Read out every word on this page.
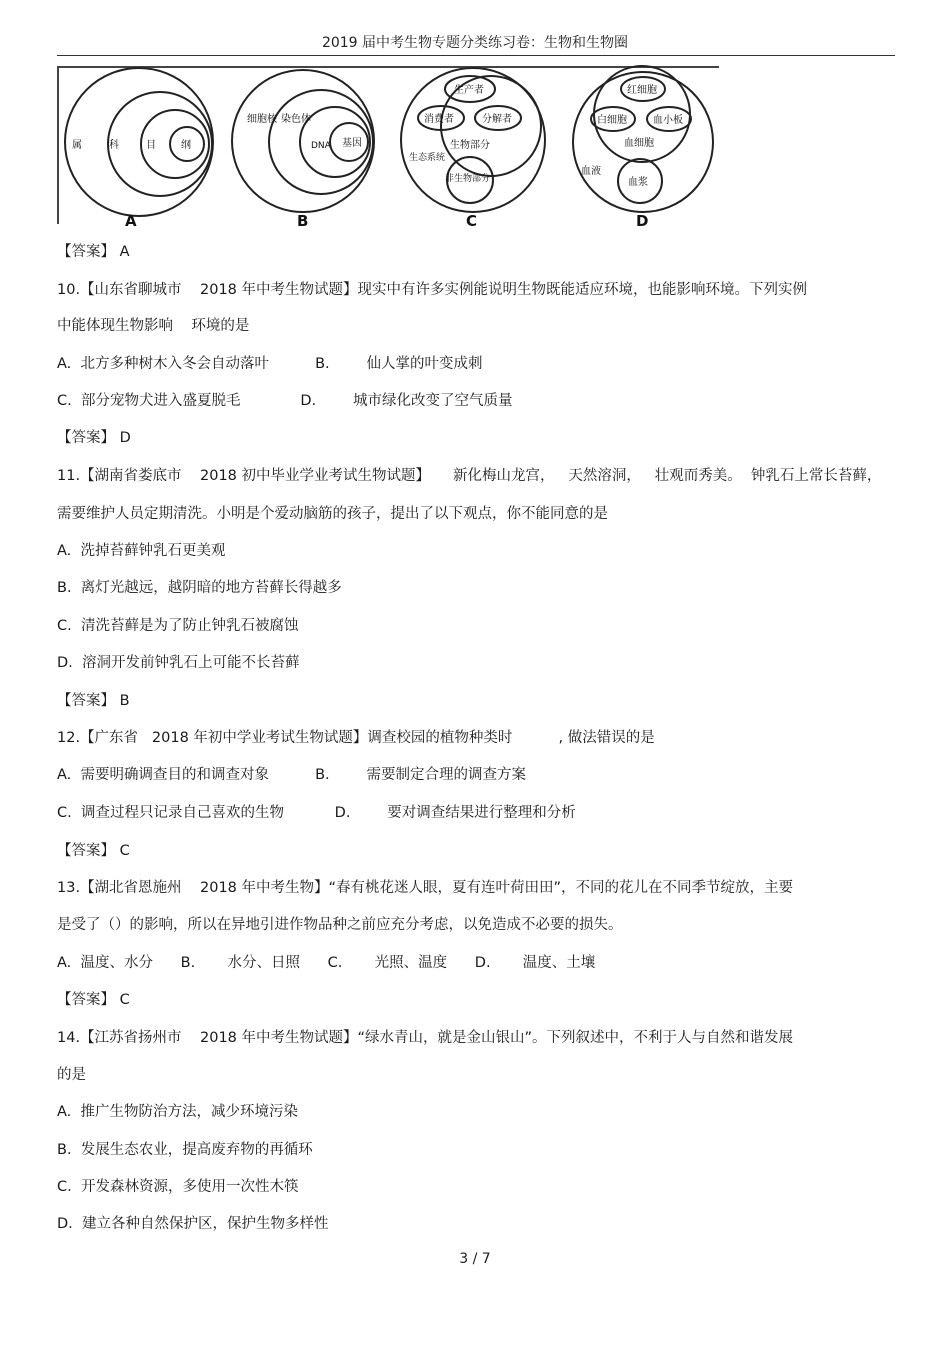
2019 届中考生物专题分类练习卷：生物和生物圈
属	科	目	纲
A
细胞核 染色体
DNA 基因
B
生产者
消费者	分解者
生物部分
非生物部分
生态系统
C
红细胞
白细胞	血小板
血细胞
血液
血浆
D
【答案】 A
10.【山东省聊城市    2018 年中考生物试题】现实中有许多实例能说明生物既能适应环境，也能影响环境。下列实例
中能体现生物影响    环境的是
A.  北方多种树木入冬会自动落叶          B.        仙人掌的叶变成刺
C.  部分宠物犬进入盛夏脱毛             D.        城市绿化改变了空气质量
【答案】 D
11.【湖南省娄底市    2018 初中毕业学业考试生物试题】     新化梅山龙宫，   天然溶洞，   壮观而秀美。  钟乳石上常长苔藓，
需要维护人员定期清洗。小明是个爱动脑筋的孩子，提出了以下观点，你不能同意的是
A.  洗掉苔藓钟乳石更美观
B.  离灯光越远，越阴暗的地方苔藓长得越多
C.  清洗苔藓是为了防止钟乳石被腐蚀
D.  溶洞开发前钟乳石上可能不长苔藓
【答案】 B
12.【广东省   2018 年初中学业考试生物试题】调查校园的植物种类时          , 做法错误的是
A.  需要明确调查目的和调查对象          B.        需要制定合理的调查方案
C.  调查过程只记录自己喜欢的生物           D.        要对调查结果进行整理和分析
【答案】 C
13.【湖北省恩施州    2018 年中考生物】“春有桃花迷人眼，夏有连叶荷田田”，不同的花儿在不同季节绽放，主要
是受了（）的影响，所以在异地引进作物品种之前应充分考虑，以免造成不必要的损失。
A.  温度、水分      B.       水分、日照      C.       光照、温度      D.       温度、土壤
【答案】 C
14.【江苏省扬州市    2018 年中考生物试题】“绿水青山，就是金山银山”。下列叙述中，不利于人与自然和谐发展
的是
A.  推广生物防治方法，减少环境污染
B.  发展生态农业，提高废弃物的再循环
C.  开发森林资源，多使用一次性木筷
D.  建立各种自然保护区，保护生物多样性
3 / 7
